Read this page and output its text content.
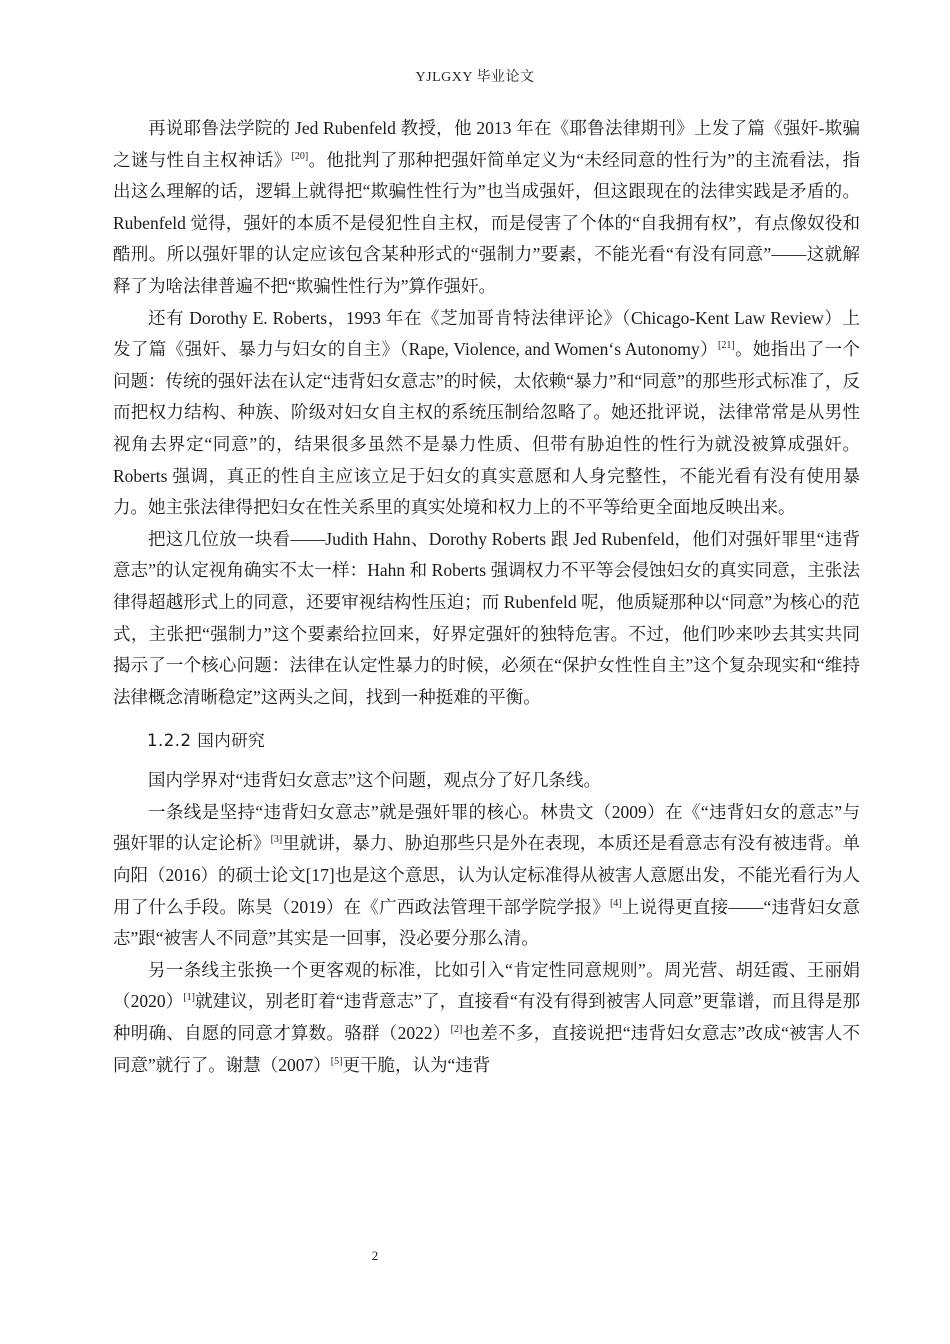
YJLGXY 毕业论文

再说耶鲁法学院的 Jed Rubenfeld 教授，他 2013 年在《耶鲁法律期刊》上发了篇《强奸-欺骗之谜与性自主权神话》[20]。他批判了那种把强奸简单定义为“未经同意的性行为”的主流看法，指出这么理解的话，逻辑上就得把“欺骗性性行为”也当成强奸，但这跟现在的法律实践是矛盾的。Rubenfeld 觉得，强奸的本质不是侵犯性自主权，而是侵害了个体的“自我拥有权”，有点像奴役和酷刑。所以强奸罪的认定应该包含某种形式的“强制力”要素，不能光看“有没有同意”——这就解释了为啥法律普遍不把“欺骗性性行为”算作强奸。

还有 Dorothy E. Roberts，1993 年在《芝加哥肯特法律评论》（Chicago-Kent Law Review）上发了篇《强奸、暴力与妇女的自主》（Rape, Violence, and Women‘s Autonomy）[21]。她指出了一个问题：传统的强奸法在认定“违背妇女意志”的时候，太依赖“暴力”和“同意”的那些形式标准了，反而把权力结构、种族、阶级对妇女自主权的系统压制给忽略了。她还批评说，法律常常是从男性视角去界定“同意”的，结果很多虽然不是暴力性质、但带有胁迫性的性行为就没被算成强奸。Roberts 强调，真正的性自主应该立足于妇女的真实意愿和人身完整性，不能光看有没有使用暴力。她主张法律得把妇女在性关系里的真实处境和权力上的不平等给更全面地反映出来。

把这几位放一块看——Judith Hahn、Dorothy Roberts 跟 Jed Rubenfeld，他们对强奸罪里“违背意志”的认定视角确实不太一样：Hahn 和 Roberts 强调权力不平等会侵蚀妇女的真实同意，主张法律得超越形式上的同意，还要审视结构性压迫；而 Rubenfeld 呢，他质疑那种以“同意”为核心的范式，主张把“强制力”这个要素给拉回来，好界定强奸的独特危害。不过，他们吵来吵去其实共同揭示了一个核心问题：法律在认定性暴力的时候，必须在“保护女性性自主”这个复杂现实和“维持法律概念清晰稳定”这两头之间，找到一种挺难的平衡。

1.2.2 国内研究

国内学界对“违背妇女意志”这个问题，观点分了好几条线。

一条线是坚持“违背妇女意志”就是强奸罪的核心。林贵文（2009）在《“违背妇女的意志”与强奸罪的认定论析》[3]里就讲，暴力、胁迫那些只是外在表现，本质还是看意志有没有被违背。单向阳（2016）的硕士论文[17]也是这个意思，认为认定标准得从被害人意愿出发，不能光看行为人用了什么手段。陈昊（2019）在《广西政法管理干部学院学报》[4]上说得更直接——“违背妇女意志”跟“被害人不同意”其实是一回事，没必要分那么清。

另一条线主张换一个更客观的标准，比如引入“肯定性同意规则”。周光营、胡廷霞、王丽娟（2020）[1]就建议，别老盯着“违背意志”了，直接看“有没有得到被害人同意”更靠谱，而且得是那种明确、自愿的同意才算数。骆群（2022）[2]也差不多，直接说把“违背妇女意志”改成“被害人不同意”就行了。谢慧（2007）[5]更干脆，认为“违背

2
